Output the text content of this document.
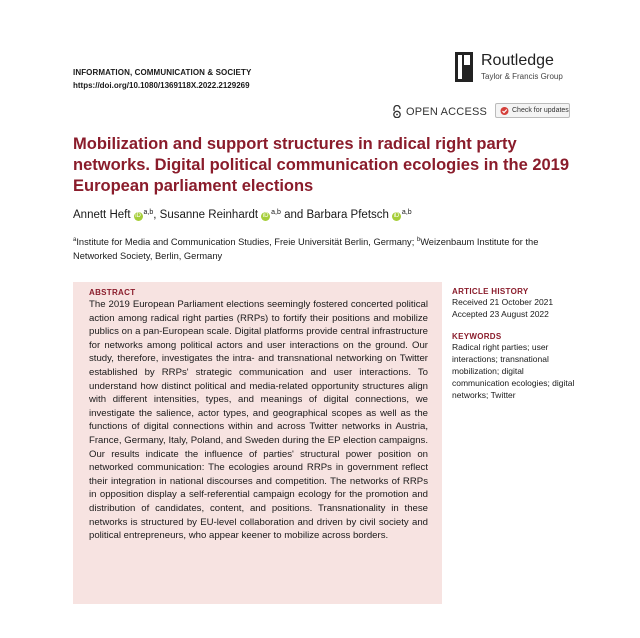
INFORMATION, COMMUNICATION & SOCIETY
https://doi.org/10.1080/1369118X.2022.2129269
Routledge
Taylor & Francis Group
OPEN ACCESS	Check for updates
Mobilization and support structures in radical right party networks. Digital political communication ecologies in the 2019 European parliament elections
Annett Heft iD $^{a,b}$, Susanne Reinhardt iD $^{a,b}$ and Barbara Pfetsch iD $^{a,b}$
$^a$Institute for Media and Communication Studies, Freie Universität Berlin, Germany; $^b$Weizenbaum Institute for the Networked Society, Berlin, Germany
ABSTRACT

The 2019 European Parliament elections seemingly fostered concerted political action among radical right parties (RRPs) to fortify their positions and mobilize publics on a pan-European scale. Digital platforms provide central infrastructure for networks among political actors and user interactions on the ground. Our study, therefore, investigates the intra- and transnational networking on Twitter established by RRPs' strategic communication and user interactions. To understand how distinct political and media-related opportunity structures align with different intensities, types, and meanings of digital connections, we investigate the salience, actor types, and geographical scopes as well as the functions of digital connections within and across Twitter networks in Austria, France, Germany, Italy, Poland, and Sweden during the EP election campaigns. Our results indicate the influence of parties' structural power position on networked communication: The ecologies around RRPs in government reflect their integration in national discourses and competition. The networks of RRPs in opposition display a self-referential campaign ecology for the promotion and distribution of candidates, content, and positions. Transnationality in these networks is structured by EU-level collaboration and driven by civil society and political entrepreneurs, who appear keener to mobilize across borders.

ARTICLE HISTORY
Received 21 October 2021
Accepted 23 August 2022
KEYWORDS

Radical right parties; user interactions; transnational mobilization; digital communication ecologies; digital networks; Twitter
